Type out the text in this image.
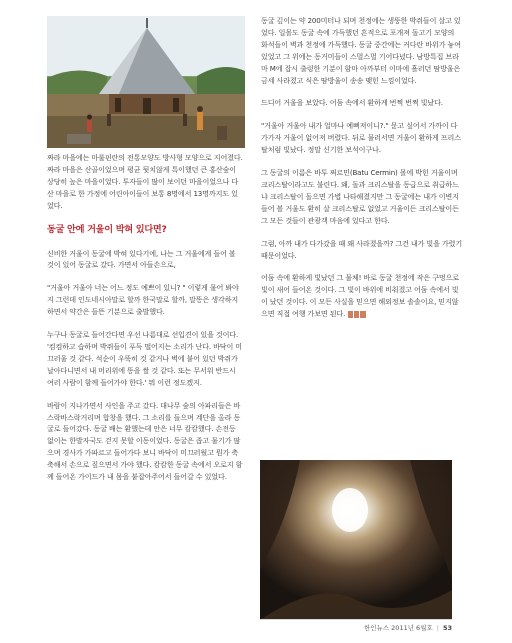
짜라 마을에는 마룰핀란의 전통모양도 방사형 모양으로 지어졌다. 짜라 마을은 산골이었으며 평균 뒷치않게 특이했던 큰 홍산숲이 상당히 높은 마을이었다. 투자들이 많이 보이던 마을이었으나 다산 마을로 한 가정에 어린아이들이 보통 8명에서 13명까지도 있었다.

동굴 안에 거울이 박혀 있다면?

신비한 거울이 동굴에 박혀 있다기에, 나는 그 거울에게 들어 볼 것이 있어 동굴로 갔다. 가면서 아들손으로,

"거울아 거울아 너는 어느 정도 예쁘이 있니? " 이렇게 물어 봐야지 그런데 인도네시아말로 할까 한국말로 할까, 말똥은 생각하지 하면서 약간은 들뜬 기분으로 출발했다.

누구나 동굴로 들어간다면 우선 나름대로 선입견이 있을 것이다. '컴컴하고 습하며 박쥐들이 푸득 떨어지는 소리가 난다. 바닥이 미끄러울 것 같다. 석순이 우뚝히 것 같거나 벽에 붙어 있던 박쥐가 날아다니면서 내 머리위에 똥을 쌀 것 같다. 또는 무서워 반드시 여러 사람이 함께 들어가야 한다.' 뭐 이런 정도겠지.

바람이 지나가면서 사인을 주고 갔다. 대나무 숲의 아파리들은 바스락바스락거리며 합창을 했다. 그 소리를 들으며 계단을 올라 동굴로 들어갔다. 동굴 배는 환했는데 안은 너무 캄캄했다. 손전등 없이는 한발자국도 걷지 못할 이동이었다. 동굴은 좁고 물기가 많으며 경사가 가파르고 들어가다 보니 바닥이 미끄러웠고 뭔가 축축해서 손으로 짚으면서 가야 했다. 캄캄한 동굴 속에서 오로지 함께 들어온 가이드가 내 몸을 붙잡아주어서 들어갈 수 있었다.

동굴 깊이는 약 200미터나 되며 천정에는 생뚱한 박쥐들이 살고 있었다. 일몰도 동굴 속에 가득했던 흔적으로 포개져 돌고기 모양의 화석들이 벽과 천정에 가득했다. 동굴 중간에는 커다란 바위가 놓여 있었고 그 위에는 동거미들이 스멀스멀 기어다녔다. 남방특집 브라마 M에 잡시 출렁한 기분이 함마 아까부터 이마에 흘러던 땀방울은 금세 사라졌고 식은 땀방울이 송송 맺힌 느낌이었다.

드디어 거울을 보았다. 어둠 속에서 환하게 번쩍 번쩍 빛났다.

"거울아 거울아 내가 얼마나 예뻐져이니?." 묻고 싶어서 가까이 다가가자 거울이 없어져 버렸다. 뒤로 물러서면 거울이 환하게 프리스탈처럼 빛났다. 정말 신기한 보석이구나.

그 동굴의 이름은 바투 쩌르민(Batu Cermin) 몰에 박힌 거울이며 크리스탈이라고도 불린다. 왜, 돌과 크리스탈을 동급으로 취급하느냐 크리스탈이 돌으면 가볍 나타해졌지만 그 동굴에는 내가 이변지 들어 볼 거울도 환히 살 크리스탈로 없었고 거울이든 크리스탈이든 그 모든 것들이 관광객 마음에 있다고 한다.

그럼, 아까 내가 다가갔을 때 왜 사라졌을까? 그건 내가 빛을 가렸기 때문이었다.

어둠 속에 환하게 빛났던 그 물체! 바로 동굴 천정에 작은 구멍으로 빛이 새어 들어온 것이다. 그 빛이 바위에 비춰졌고 어둠 속에서 빛이 났던 것이다. 이 모든 사실을 믿으면 해외정보 솔솔이요, 믿지않으면 직접 여행 가보면 된다.

한인뉴스 2011년 6월호 | 53
